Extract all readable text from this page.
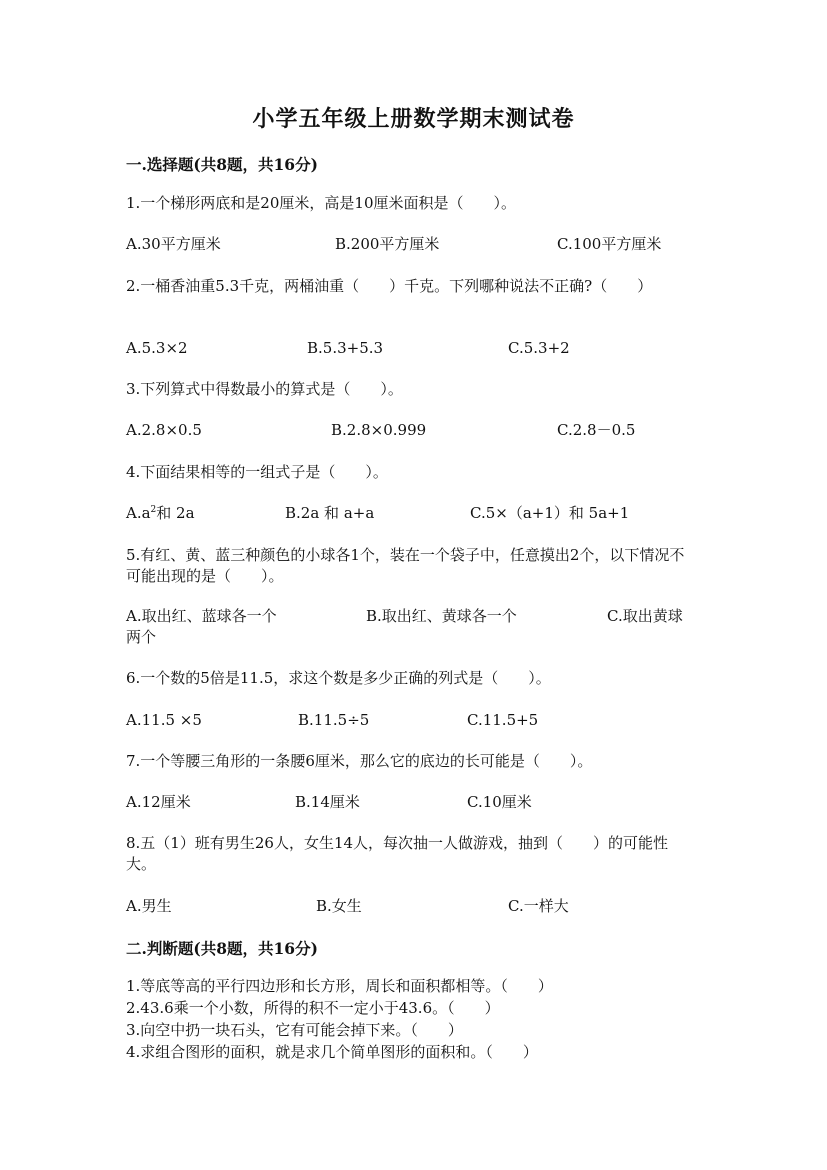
小学五年级上册数学期末测试卷
一.选择题(共8题，共16分)
1.一个梯形两底和是20厘米，高是10厘米面积是（　　）。
A.30平方厘米	B.200平方厘米	C.100平方厘米
2.一桶香油重5.3千克，两桶油重（　　）千克。下列哪种说法不正确?（　　）
A.5.3×2	B.5.3+5.3	C.5.3+2
3.下列算式中得数最小的算式是（　　）。
A.2.8×0.5	B.2.8×0.999	C.2.8－0.5
4.下面结果相等的一组式子是（　　）。
$A.a^2$和 2a	B.2a 和 a+a	C.5×（a+1）和 5a+1
5.有红、黄、蓝三种颜色的小球各1个，装在一个袋子中，任意摸出2个，以下情况不可能出现的是（　　）。
A.取出红、蓝球各一个	B.取出红、黄球各一个	C.取出黄球两个
6.一个数的5倍是11.5，求这个数是多少正确的列式是（　　）。
A.11.5 ×5	B.11.5÷5	C.11.5+5
7.一个等腰三角形的一条腰6厘米，那么它的底边的长可能是（　　）。
A.12厘米	B.14厘米	C.10厘米
8.五（1）班有男生26人，女生14人，每次抽一人做游戏，抽到（　　）的可能性大。
A.男生	B.女生	C.一样大
二.判断题(共8题，共16分)
1.等底等高的平行四边形和长方形，周长和面积都相等。（　　）
2.43.6乘一个小数，所得的积不一定小于43.6。（　　）
3.向空中扔一块石头，它有可能会掉下来。（　　）
4.求组合图形的面积，就是求几个简单图形的面积和。（　　）
